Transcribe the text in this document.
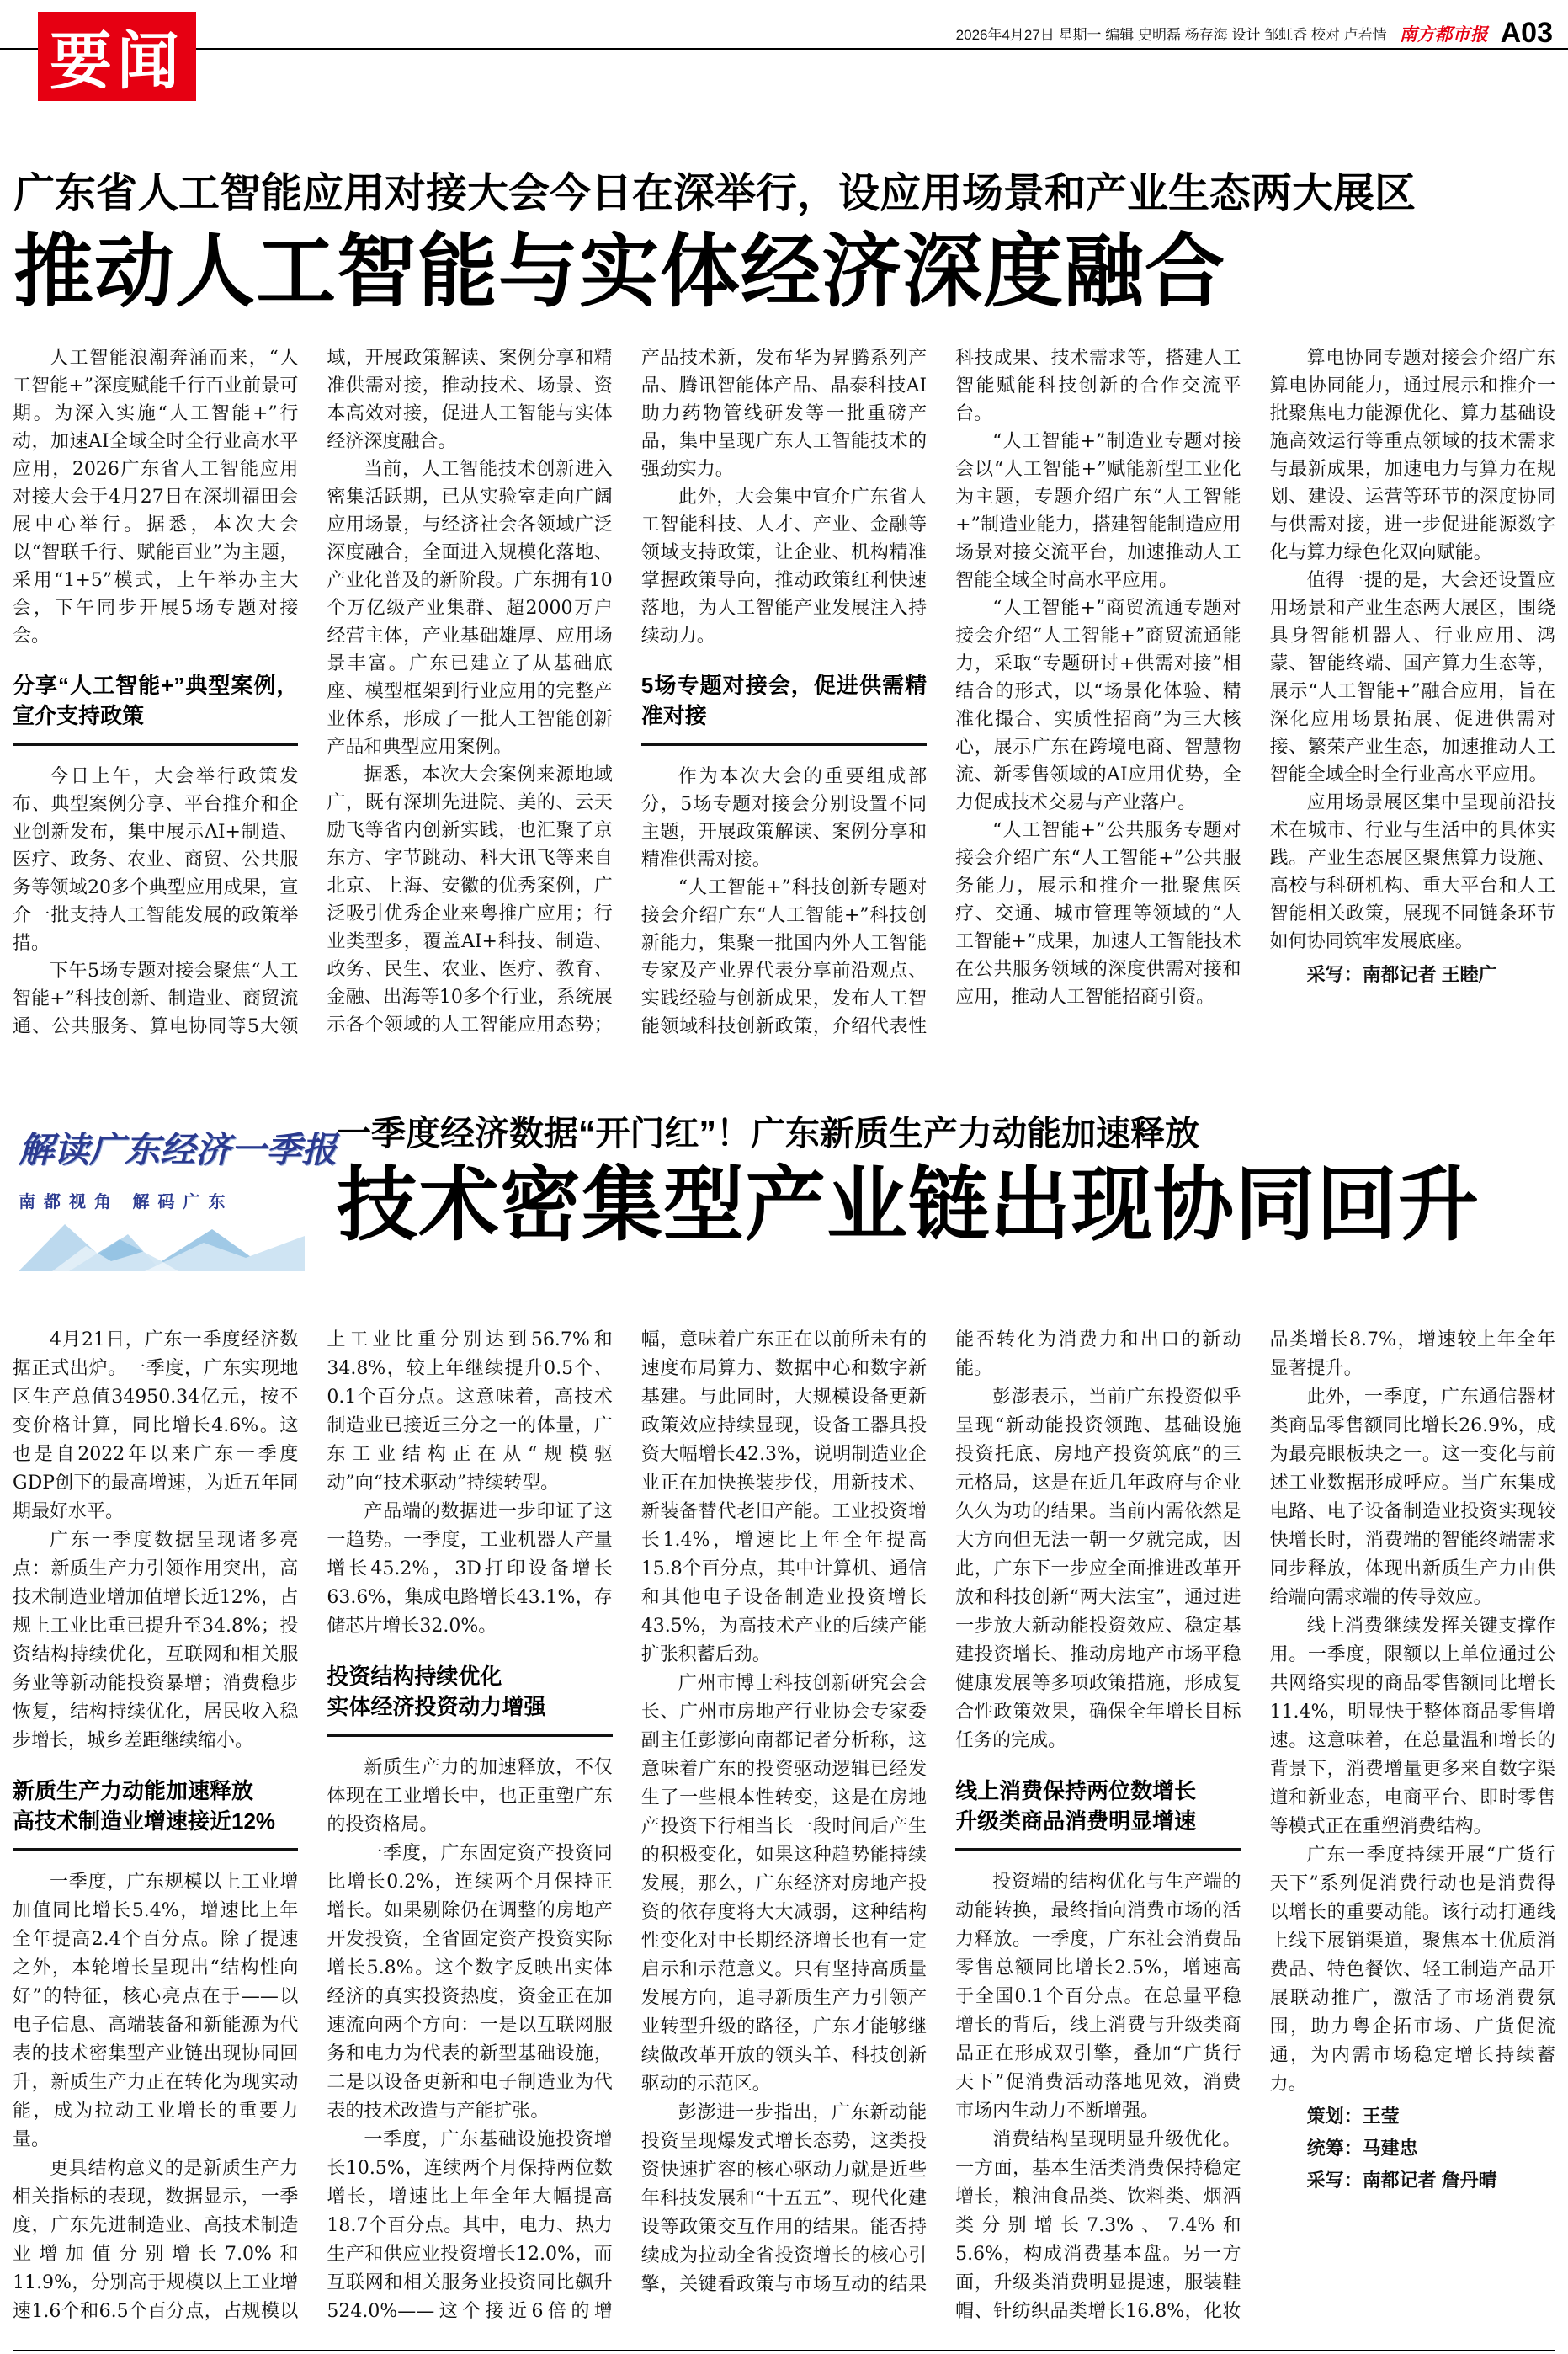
要闻	2026年4月27日 星期一 编辑 史明磊 杨存海 设计 邹虹香 校对 卢若情 南方都市报 A03
广东省人工智能应用对接大会今日在深举行，设应用场景和产业生态两大展区
推动人工智能与实体经济深度融合

人工智能浪潮奔涌而来，“人工智能+”深度赋能千行百业前景可期。为深入实施“人工智能+”行动，加速AI全域全时全行业高水平应用，2026广东省人工智能应用对接大会于4月27日在深圳福田会展中心举行。据悉，本次大会以“智联千行、赋能百业”为主题，采用“1+5”模式，上午举办主大会，下午同步开展5场专题对接会。

分享“人工智能+”典型案例，宣介支持政策

今日上午，大会举行政策发布、典型案例分享、平台推介和企业创新发布，集中展示AI+制造、医疗、政务、农业、商贸、公共服务等领域20多个典型应用成果，宣介一批支持人工智能发展的政策举措。

下午5场专题对接会聚焦“人工智能+”科技创新、制造业、商贸流通、公共服务、算电协同等5大领域，开展政策解读、案例分享和精准供需对接，推动技术、场景、资本高效对接，促进人工智能与实体经济深度融合。

当前，人工智能技术创新进入密集活跃期，已从实验室走向广阔应用场景，与经济社会各领域广泛深度融合，全面进入规模化落地、产业化普及的新阶段。广东拥有10个万亿级产业集群、超2000万户经营主体，产业基础雄厚、应用场景丰富。广东已建立了从基础底座、模型框架到行业应用的完整产业体系，形成了一批人工智能创新产品和典型应用案例。

据悉，本次大会案例来源地域广，既有深圳先进院、美的、云天励飞等省内创新实践，也汇聚了京东方、字节跳动、科大讯飞等来自北京、上海、安徽的优秀案例，广泛吸引优秀企业来粤推广应用；行业类型多，覆盖AI+科技、制造、政务、民生、农业、医疗、教育、金融、出海等10多个行业，系统展示各个领域的人工智能应用态势；产品技术新，发布华为昇腾系列产品、腾讯智能体产品、晶泰科技AI助力药物管线研发等一批重磅产品，集中呈现广东人工智能技术的强劲实力。

此外，大会集中宣介广东省人工智能科技、人才、产业、金融等领域支持政策，让企业、机构精准掌握政策导向，推动政策红利快速落地，为人工智能产业发展注入持续动力。

5场专题对接会，促进供需精准对接

作为本次大会的重要组成部分，5场专题对接会分别设置不同主题，开展政策解读、案例分享和精准供需对接。

“人工智能+”科技创新专题对接会介绍广东“人工智能+”科技创新能力，集聚一批国内外人工智能专家及产业界代表分享前沿观点、实践经验与创新成果，发布人工智能领域科技创新政策，介绍代表性科技成果、技术需求等，搭建人工智能赋能科技创新的合作交流平台。

“人工智能+”制造业专题对接会以“人工智能+”赋能新型工业化为主题，专题介绍广东“人工智能+”制造业能力，搭建智能制造应用场景对接交流平台，加速推动人工智能全域全时高水平应用。

“人工智能+”商贸流通专题对接会介绍“人工智能+”商贸流通能力，采取“专题研讨+供需对接”相结合的形式，以“场景化体验、精准化撮合、实质性招商”为三大核心，展示广东在跨境电商、智慧物流、新零售领域的AI应用优势，全力促成技术交易与产业落户。

“人工智能+”公共服务专题对接会介绍广东“人工智能+”公共服务能力，展示和推介一批聚焦医疗、交通、城市管理等领域的“人工智能+”成果，加速人工智能技术在公共服务领域的深度供需对接和应用，推动人工智能招商引资。

算电协同专题对接会介绍广东算电协同能力，通过展示和推介一批聚焦电力能源优化、算力基础设施高效运行等重点领域的技术需求与最新成果，加速电力与算力在规划、建设、运营等环节的深度协同与供需对接，进一步促进能源数字化与算力绿色化双向赋能。

值得一提的是，大会还设置应用场景和产业生态两大展区，围绕具身智能机器人、行业应用、鸿蒙、智能终端、国产算力生态等，展示“人工智能+”融合应用，旨在深化应用场景拓展、促进供需对接、繁荣产业生态，加速推动人工智能全域全时全行业高水平应用。

应用场景展区集中呈现前沿技术在城市、行业与生活中的具体实践。产业生态展区聚焦算力设施、高校与科研机构、重大平台和人工智能相关政策，展现不同链条环节如何协同筑牢发展底座。

采写：南都记者 王睦广

解读广东经济一季报
南都视角 解码广东
一季度经济数据“开门红”！广东新质生产力动能加速释放
技术密集型产业链出现协同回升

4月21日，广东一季度经济数据正式出炉。一季度，广东实现地区生产总值34950.34亿元，按不变价格计算，同比增长4.6%。这也是自2022年以来广东一季度GDP创下的最高增速，为近五年同期最好水平。

广东一季度数据呈现诸多亮点：新质生产力引领作用突出，高技术制造业增加值增长近12%，占规上工业比重已提升至34.8%；投资结构持续优化，互联网和相关服务业等新动能投资暴增；消费稳步恢复，结构持续优化，居民收入稳步增长，城乡差距继续缩小。

新质生产力动能加速释放
高技术制造业增速接近12%

一季度，广东规模以上工业增加值同比增长5.4%，增速比上年全年提高2.4个百分点。除了提速之外，本轮增长呈现出“结构性向好”的特征，核心亮点在于——以电子信息、高端装备和新能源为代表的技术密集型产业链出现协同回升，新质生产力正在转化为现实动能，成为拉动工业增长的重要力量。

更具结构意义的是新质生产力相关指标的表现，数据显示，一季度，广东先进制造业、高技术制造业增加值分别增长7.0%和11.9%，分别高于规模以上工业增速1.6个和6.5个百分点，占规模以上工业比重分别达到56.7%和34.8%，较上年继续提升0.5个、0.1个百分点。这意味着，高技术制造业已接近三分之一的体量，广东工业结构正在从“规模驱动”向“技术驱动”持续转型。

产品端的数据进一步印证了这一趋势。一季度，工业机器人产量增长45.2%，3D打印设备增长63.6%，集成电路增长43.1%，存储芯片增长32.0%。

投资结构持续优化
实体经济投资动力增强

新质生产力的加速释放，不仅体现在工业增长中，也正重塑广东的投资格局。

一季度，广东固定资产投资同比增长0.2%，连续两个月保持正增长。如果剔除仍在调整的房地产开发投资，全省固定资产投资实际增长5.8%。这个数字反映出实体经济的真实投资热度，资金正在加速流向两个方向：一是以互联网服务和电力为代表的新型基础设施，二是以设备更新和电子制造业为代表的技术改造与产能扩张。

一季度，广东基础设施投资增长10.5%，连续两个月保持两位数增长，增速比上年全年大幅提高18.7个百分点。其中，电力、热力生产和供应业投资增长12.0%，而互联网和相关服务业投资同比飙升524.0%——这个接近6倍的增幅，意味着广东正在以前所未有的速度布局算力、数据中心和数字新基建。与此同时，大规模设备更新政策效应持续显现，设备工器具投资大幅增长42.3%，说明制造业企业正在加快换装步伐，用新技术、新装备替代老旧产能。工业投资增长1.4%，增速比上年全年提高15.8个百分点，其中计算机、通信和其他电子设备制造业投资增长43.5%，为高技术产业的后续产能扩张积蓄后劲。

广州市博士科技创新研究会会长、广州市房地产行业协会专家委副主任彭澎向南都记者分析称，这意味着广东的投资驱动逻辑已经发生了一些根本性转变，这是在房地产投资下行相当长一段时间后产生的积极变化，如果这种趋势能持续发展，那么，广东经济对房地产投资的依存度将大大减弱，这种结构性变化对中长期经济增长也有一定启示和示范意义。只有坚持高质量发展方向，追寻新质生产力引领产业转型升级的路径，广东才能够继续做改革开放的领头羊、科技创新驱动的示范区。

彭澎进一步指出，广东新动能投资呈现爆发式增长态势，这类投资快速扩容的核心驱动力就是近些年科技发展和“十五五”、现代化建设等政策交互作用的结果。能否持续成为拉动全省投资增长的核心引擎，关键看政策与市场互动的结果能否转化为消费力和出口的新动能。

彭澎表示，当前广东投资似乎呈现“新动能投资领跑、基础设施投资托底、房地产投资筑底”的三元格局，这是在近几年政府与企业久久为功的结果。当前内需依然是大方向但无法一朝一夕就完成，因此，广东下一步应全面推进改革开放和科技创新“两大法宝”，通过进一步放大新动能投资效应、稳定基建投资增长、推动房地产市场平稳健康发展等多项政策措施，形成复合性政策效果，确保全年增长目标任务的完成。

线上消费保持两位数增长
升级类商品消费明显增速

投资端的结构优化与生产端的动能转换，最终指向消费市场的活力释放。一季度，广东社会消费品零售总额同比增长2.5%，增速高于全国0.1个百分点。在总量平稳增长的背后，线上消费与升级类商品正在形成双引擎，叠加“广货行天下”促消费活动落地见效，消费市场内生动力不断增强。

消费结构呈现明显升级优化。一方面，基本生活类消费保持稳定增长，粮油食品类、饮料类、烟酒类分别增长7.3%、7.4%和5.6%，构成消费基本盘。另一方面，升级类消费明显提速，服装鞋帽、针纺织品类增长16.8%，化妆品类增长8.7%，增速较上年全年显著提升。

此外，一季度，广东通信器材类商品零售额同比增长26.9%，成为最亮眼板块之一。这一变化与前述工业数据形成呼应。当广东集成电路、电子设备制造业投资实现较快增长时，消费端的智能终端需求同步释放，体现出新质生产力由供给端向需求端的传导效应。

线上消费继续发挥关键支撑作用。一季度，限额以上单位通过公共网络实现的商品零售额同比增长11.4%，明显快于整体商品零售增速。这意味着，在总量温和增长的背景下，消费增量更多来自数字渠道和新业态，电商平台、即时零售等模式正在重塑消费结构。

广东一季度持续开展“广货行天下”系列促消费行动也是消费得以增长的重要动能。该行动打通线上线下展销渠道，聚焦本土优质消费品、特色餐饮、轻工制造产品开展联动推广，激活了市场消费氛围，助力粤企拓市场、广货促流通，为内需市场稳定增长持续蓄力。

策划：王莹

统筹：马建忠

采写：南都记者 詹丹晴
